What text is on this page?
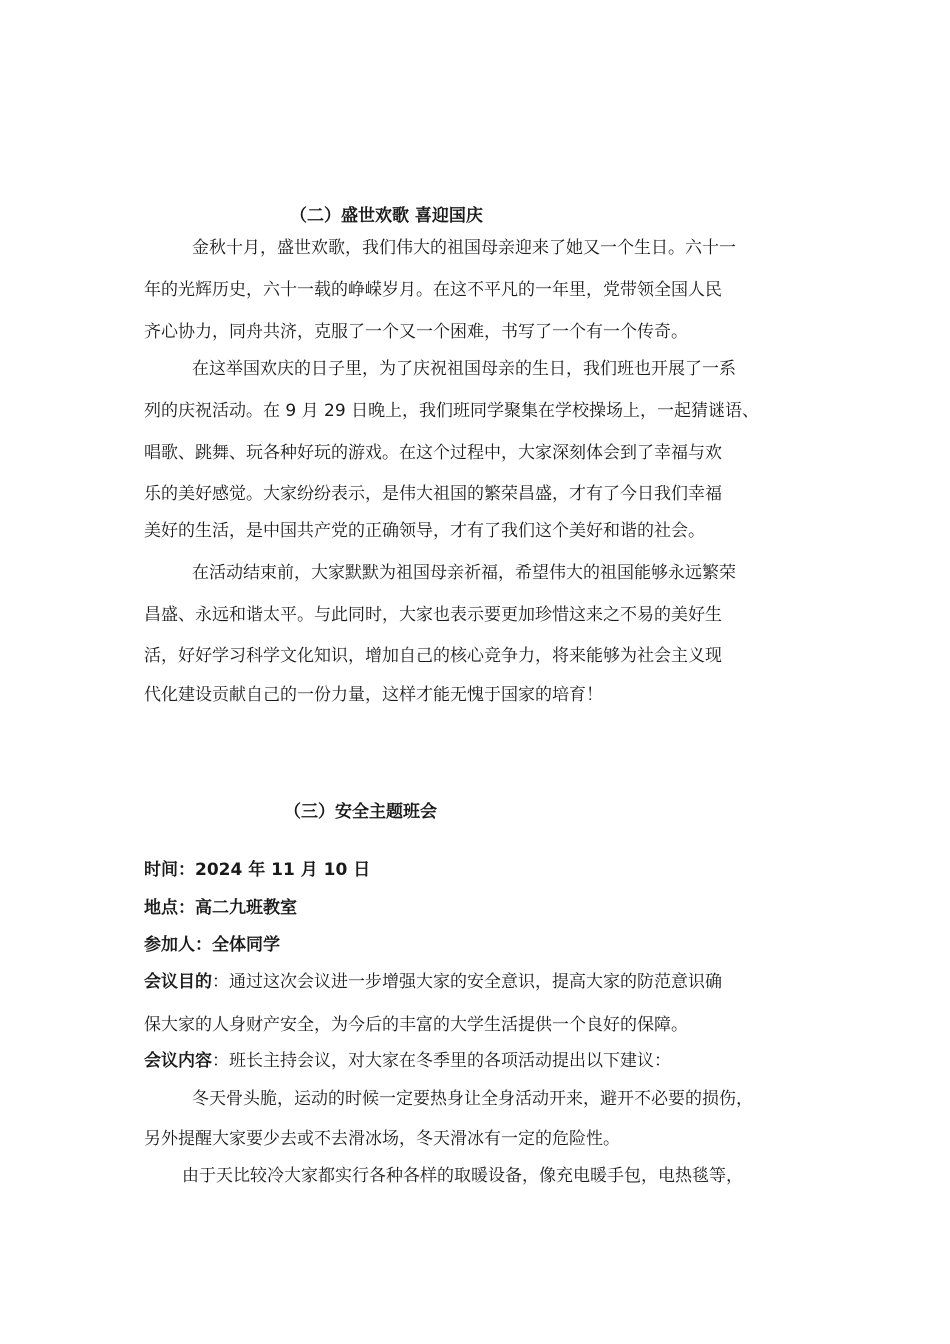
（二）盛世欢歌 喜迎国庆
金秋十月，盛世欢歌，我们伟大的祖国母亲迎来了她又一个生日。六十一
年的光辉历史，六十一载的峥嵘岁月。在这不平凡的一年里，党带领全国人民
齐心协力，同舟共济，克服了一个又一个困难，书写了一个有一个传奇。
在这举国欢庆的日子里，为了庆祝祖国母亲的生日，我们班也开展了一系
列的庆祝活动。在 9 月 29 日晚上，我们班同学聚集在学校操场上，一起猜谜语、
唱歌、跳舞、玩各种好玩的游戏。在这个过程中，大家深刻体会到了幸福与欢
乐的美好感觉。大家纷纷表示，是伟大祖国的繁荣昌盛，才有了今日我们幸福
美好的生活，是中国共产党的正确领导，才有了我们这个美好和谐的社会。
在活动结束前，大家默默为祖国母亲祈福，希望伟大的祖国能够永远繁荣
昌盛、永远和谐太平。与此同时，大家也表示要更加珍惜这来之不易的美好生
活，好好学习科学文化知识，增加自己的核心竞争力，将来能够为社会主义现
代化建设贡献自己的一份力量，这样才能无愧于国家的培育！
（三）安全主题班会
时间：2024 年 11 月 10 日
地点：高二九班教室
参加人：全体同学
会议目的：通过这次会议进一步增强大家的安全意识，提高大家的防范意识确
保大家的人身财产安全，为今后的丰富的大学生活提供一个良好的保障。
会议内容：班长主持会议，对大家在冬季里的各项活动提出以下建议：
冬天骨头脆，运动的时候一定要热身让全身活动开来，避开不必要的损伤，
另外提醒大家要少去或不去滑冰场，冬天滑冰有一定的危险性。
由于天比较冷大家都实行各种各样的取暖设备，像充电暖手包，电热毯等，
